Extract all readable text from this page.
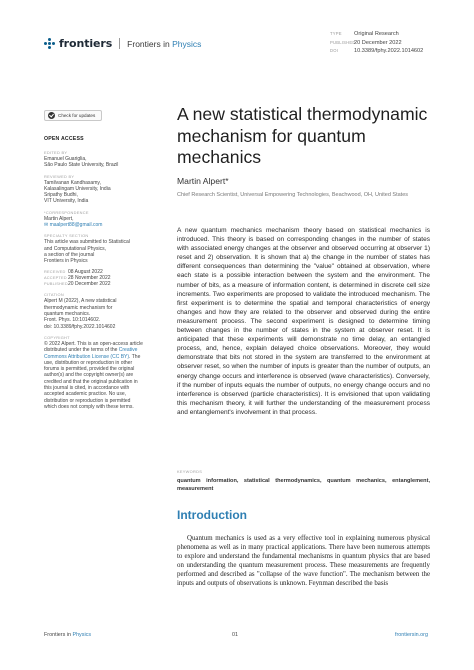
frontiers Frontiers in Physics
TYPE Original Research
PUBLISHED20 December 2022
DOI	10.3389/fphy.2022.1014602
Check for updates
OPEN ACCESS
EDITED BY
Emanuel Guariglia,
São Paulo State University, Brazil
REVIEWED BY
Tamilvanan Kandhasamy,
Kalasalingam University, India
Sripathy Budhi,
VIT University, India
*CORRESPONDENCE
Martin Alpert,
✉ maalpert88@gmail.com
SPECIALTY SECTION
This article was submitted to Statistical
and Computational Physics,
a section of the journal
Frontiers in Physics
RECEIVED 08 August 2022
ACCEPTED28 November 2022
PUBLISHED20 December 2022
CITATION
Alpert M (2022), A new statistical
thermodynamic mechanism for
quantum mechanics.
Front. Phys. 10:1014602.
doi: 10.3389/fphy.2022.1014602
COPYRIGHT
© 2022 Alpert. This is an open-access article distributed under the terms of the Creative Commons Attribution License (CC BY). The use, distribution or reproduction in other forums is permitted, provided the original author(s) and the copyright owner(s) are credited and that the original publication in this journal is cited, in accordance with accepted academic practice. No use, distribution or reproduction is permitted which does not comply with these terms.
A new statistical thermodynamic mechanism for quantum mechanics
Martin Alpert*
Chief Research Scientist, Universal Empowering Technologies, Beachwood, OH, United States

A new quantum mechanics mechanism theory based on statistical mechanics is introduced. This theory is based on corresponding changes in the number of states with associated energy changes at the observer and observed occurring at observer 1) reset and 2) observation. It is shown that a) the change in the number of states has different consequences than determining the "value" obtained at observation, where each state is a possible interaction between the system and the environment. The number of bits, as a measure of information content, is determined in discrete cell size increments. Two experiments are proposed to validate the introduced mechanism. The first experiment is to determine the spatial and temporal characteristics of energy changes and how they are related to the observer and observed during the entire measurement process. The second experiment is designed to determine timing between changes in the number of states in the system at observer reset. It is anticipated that these experiments will demonstrate no time delay, an entangled process, and, hence, explain delayed choice observations. Moreover, they would demonstrate that bits not stored in the system are transferred to the environment at observer reset, so when the number of inputs is greater than the number of outputs, an energy change occurs and interference is observed (wave characteristics). Conversely, if the number of inputs equals the number of outputs, no energy change occurs and no interference is observed (particle characteristics). It is envisioned that upon validating this mechanism theory, it will further the understanding of the measurement process and entanglement's involvement in that process.

KEYWORDS
quantum information, statistical thermodynamics, quantum mechanics, entanglement, measurement
Introduction

Quantum mechanics is used as a very effective tool in explaining numerous physical phenomena as well as in many practical applications. There have been numerous attempts to explore and understand the fundamental mechanisms in quantum physics that are based on understanding the quantum measurement process. These measurements are frequently performed and described as "collapse of the wave function". The mechanism between the inputs and outputs of observations is unknown. Feynman described the basis

Frontiers in Physics	01	frontiersin.org
